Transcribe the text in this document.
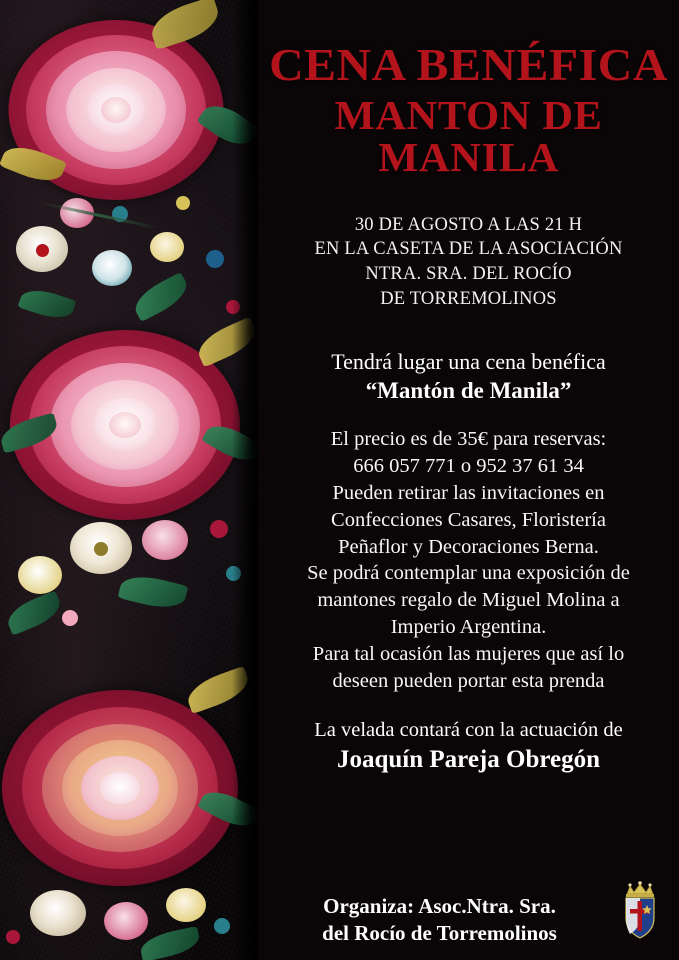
CENA BENÉFICA
MANTON DE MANILA
30 DE AGOSTO A LAS 21 H
EN LA CASETA DE LA ASOCIACIÓN
NTRA. SRA. DEL ROCÍO
DE TORREMOLINOS
Tendrá lugar una cena benéfica
“Mantón de Manila”
El precio es de 35€ para reservas:
666 057 771 o 952 37 61 34
Pueden retirar las invitaciones en
Confecciones Casares, Floristería
Peñaflor y Decoraciones Berna.
Se podrá contemplar una exposición de
mantones regalo de Miguel Molina a
Imperio Argentina.
Para tal ocasión las mujeres que así lo
deseen pueden portar esta prenda
La velada contará con la actuación de
Joaquín Pareja Obregón
Organiza: Asoc.Ntra. Sra.
del Rocío de Torremolinos
